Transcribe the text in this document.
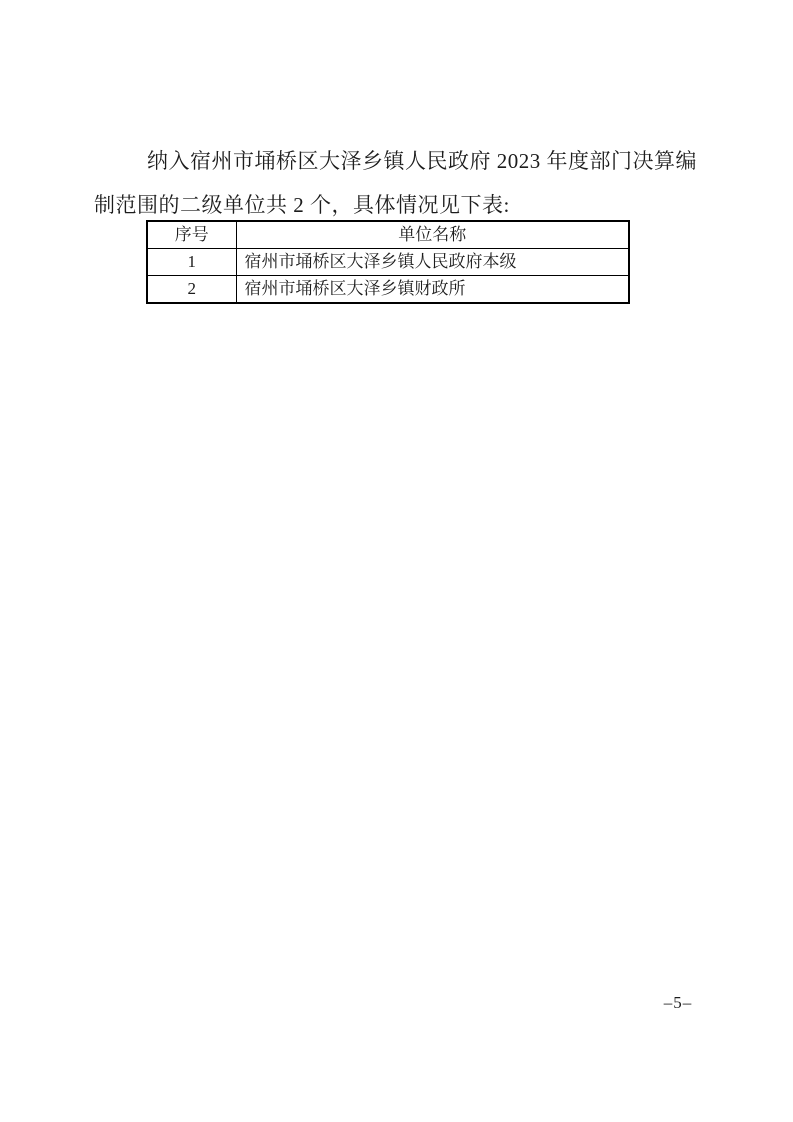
纳入宿州市埇桥区大泽乡镇人民政府 2023 年度部门决算编
制范围的二级单位共 2 个，具体情况见下表:
序号	单位名称
1	宿州市埇桥区大泽乡镇人民政府本级
2	宿州市埇桥区大泽乡镇财政所
–5–
